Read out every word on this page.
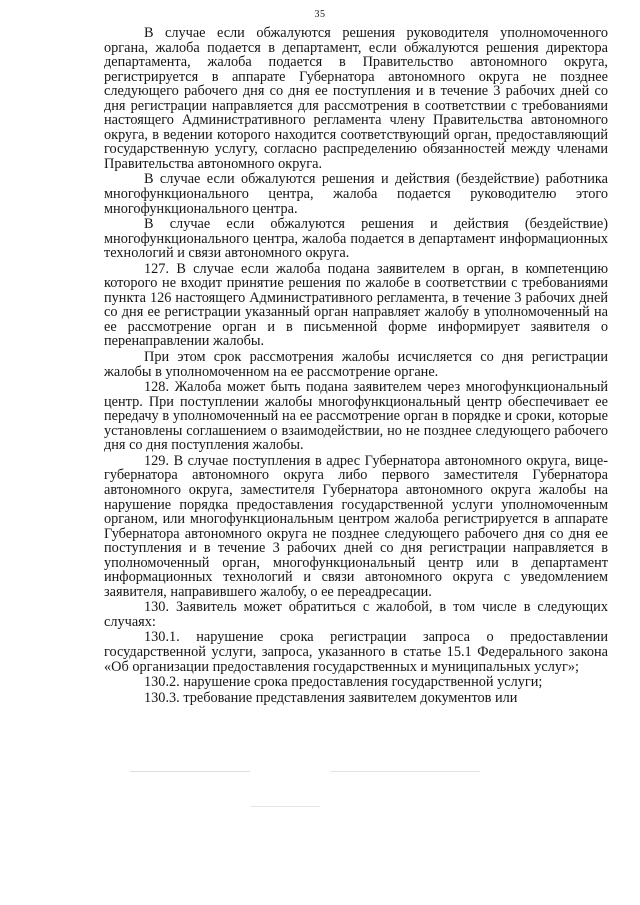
35

В случае если обжалуются решения руководителя уполномоченного органа, жалоба подается в департамент, если обжалуются решения директора департамента, жалоба подается в Правительство автономного округа, регистрируется в аппарате Губернатора автономного округа не позднее следующего рабочего дня со дня ее поступления и в течение 3 рабочих дней со дня регистрации направляется для рассмотрения в соответствии с требованиями настоящего Административного регламента члену Правительства автономного округа, в ведении которого находится соответствующий орган, предоставляющий государственную услугу, согласно распределению обязанностей между членами Правительства автономного округа.

В случае если обжалуются решения и действия (бездействие) работника многофункционального центра, жалоба подается руководителю этого многофункционального центра.

В случае если обжалуются решения и действия (бездействие) многофункционального центра, жалоба подается в департамент информационных технологий и связи автономного округа.

127. В случае если жалоба подана заявителем в орган, в компетенцию которого не входит принятие решения по жалобе в соответствии с требованиями пункта 126 настоящего Административного регламента, в течение 3 рабочих дней со дня ее регистрации указанный орган направляет жалобу в уполномоченный на ее рассмотрение орган и в письменной форме информирует заявителя о перенаправлении жалобы.

При этом срок рассмотрения жалобы исчисляется со дня регистрации жалобы в уполномоченном на ее рассмотрение органе.

128. Жалоба может быть подана заявителем через многофункциональный центр. При поступлении жалобы многофункциональный центр обеспечивает ее передачу в уполномоченный на ее рассмотрение орган в порядке и сроки, которые установлены соглашением о взаимодействии, но не позднее следующего рабочего дня со дня поступления жалобы.

129. В случае поступления в адрес Губернатора автономного округа, вице-губернатора автономного округа либо первого заместителя Губернатора автономного округа, заместителя Губернатора автономного округа жалобы на нарушение порядка предоставления государственной услуги уполномоченным органом, или многофункциональным центром жалоба регистрируется в аппарате Губернатора автономного округа не позднее следующего рабочего дня со дня ее поступления и в течение 3 рабочих дней со дня регистрации направляется в уполномоченный орган, многофункциональный центр или в департамент информационных технологий и связи автономного округа с уведомлением заявителя, направившего жалобу, о ее переадресации.

130. Заявитель может обратиться с жалобой, в том числе в следующих случаях:

130.1. нарушение срока регистрации запроса о предоставлении государственной услуги, запроса, указанного в статье 15.1 Федерального закона «Об организации предоставления государственных и муниципальных услуг»;

130.2. нарушение срока предоставления государственной услуги;

130.3. требование представления заявителем документов или
